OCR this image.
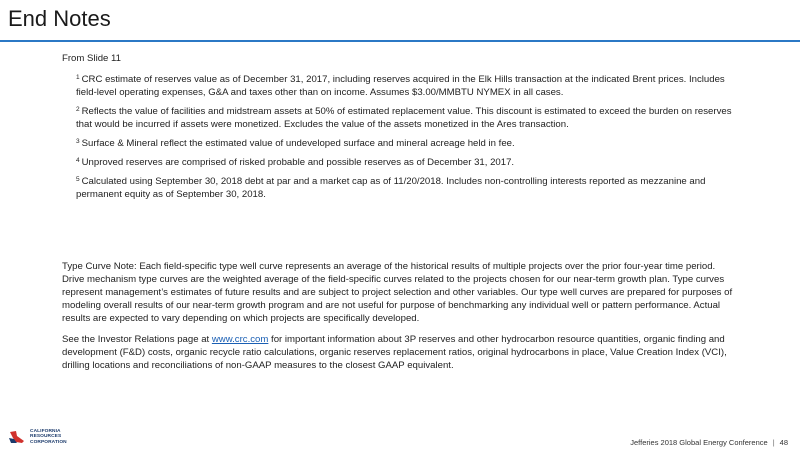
End Notes

From Slide 11

$^1$ CRC estimate of reserves value as of December 31, 2017, including reserves acquired in the Elk Hills transaction at the indicated Brent prices. Includes field-level operating expenses, G&A and taxes other than on income. Assumes $3.00/MMBTU NYMEX in all cases.

$^2$ Reflects the value of facilities and midstream assets at 50% of estimated replacement value. This discount is estimated to exceed the burden on reserves that would be incurred if assets were monetized. Excludes the value of the assets monetized in the Ares transaction.

$^3$ Surface & Mineral reflect the estimated value of undeveloped surface and mineral acreage held in fee.

$^4$ Unproved reserves are comprised of risked probable and possible reserves as of December 31, 2017.

$^5$ Calculated using September 30, 2018 debt at par and a market cap as of 11/20/2018. Includes non-controlling interests reported as mezzanine and permanent equity as of September 30, 2018.

Type Curve Note: Each field-specific type well curve represents an average of the historical results of multiple projects over the prior four-year time period. Drive mechanism type curves are the weighted average of the field-specific curves related to the projects chosen for our near-term growth plan. Type curves represent management’s estimates of future results and are subject to project selection and other variables. Our type well curves are prepared for purposes of modeling overall results of our near-term growth program and are not useful for purpose of benchmarking any individual well or pattern performance. Actual results are expected to vary depending on which projects are specifically developed.

See the Investor Relations page at www.crc.com for important information about 3P reserves and other hydrocarbon resource quantities, organic finding and development (F&D) costs, organic recycle ratio calculations, organic reserves replacement ratios, original hydrocarbons in place, Value Creation Index (VCI), drilling locations and reconciliations of non-GAAP measures to the closest GAAP equivalent.

CALIFORNIA
RESOURCES
CORPORATION	Jefferies 2018 Global Energy Conference | 48
